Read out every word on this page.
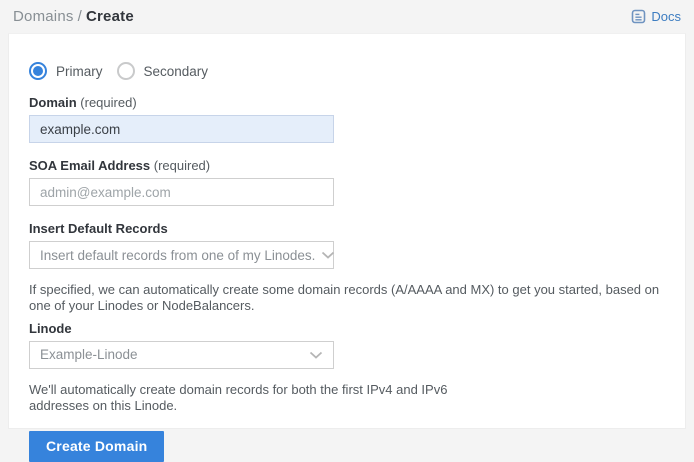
Domains / Create	Docs
Primary	Secondary
Domain (required)
example.com
SOA Email Address (required)
admin@example.com
Insert Default Records
Insert default records from one of my Linodes.
If specified, we can automatically create some domain records (A/AAAA and MX) to get you started, based on one of your Linodes or NodeBalancers.
Linode
Example-Linode
We'll automatically create domain records for both the first IPv4 and IPv6 addresses on this Linode.
Create Domain
